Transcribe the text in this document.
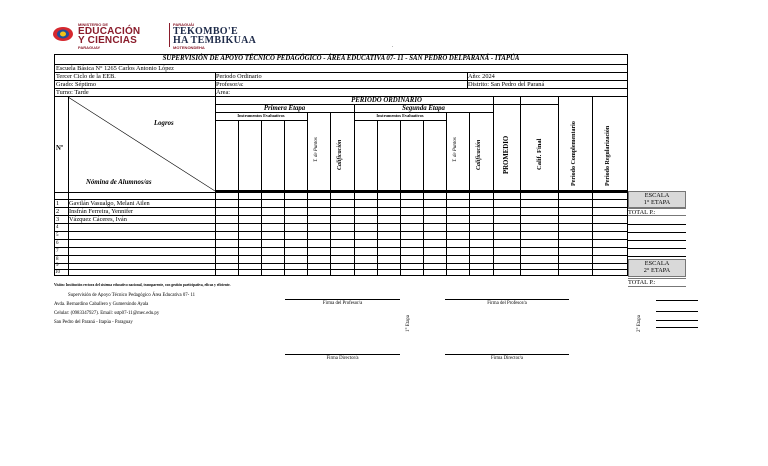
MINISTERIO DE
EDUCACIÓN
Y CIENCIAS
PARAGUAY
PARAGUÁI
TEKOMBO'E
HA TEMBIKUAA
MOTENONDEHA	.
SUPERVISIÓN DE APOYO TÉCNICO PEDAGÓGICO - ÁREA EDUCATIVA 07- 11 - SAN PEDRO DELPARANÁ - ITAPÚA
Escuela Básica N° 1265 Carlos Antonio López
Tercer Ciclo de la EEB.	Periodo Ordinario	Año: 2024
Grado: Séptimo	Profesor/a:	Distrito: San Pedro del Paraná
Turno: Tarde	Área:
PERIODO ORDINARIO
Primera Etapa	Segunda Etapa
Instrumentos Evaluativos	Instrumentos Evaluativos
Logros
Nómina de Alumnos/as
Nº	T. de Puntos	Calificación	T. de Puntos	Calificación	PROMEDIO	Calif. Final	Periodo Complementario	Periodo Regularización
1 Gavilán Vasualgo, Melani Ailen
2 Insfrán Ferreira, Yennifer
3 Vázquez Cáceres, Iván
4
5
6
7
8
9
10
ESCALA
1° ETAPA
TOTAL P.:
ESCALA
2° ETAPA
TOTAL P.:
Visión: Institución rectora del sistema educativo nacional, transparente, con gestión participativa, eficaz y eficiente.
Supervisión de Apoyo Técnico Pedagógico Área Educativa 07- 11
Avda. Bernardino Caballero y Gumersindo Ayala
Celular: (0983347927). Email: sstp07-11@mec.edu.py
San Pedro del Paraná - Itapúa - Paraguay
Firma del Profesor/a	Firma del Profesor/a
1° Etapa	2° Etapa
Firma Director/a	Firma Director/a
